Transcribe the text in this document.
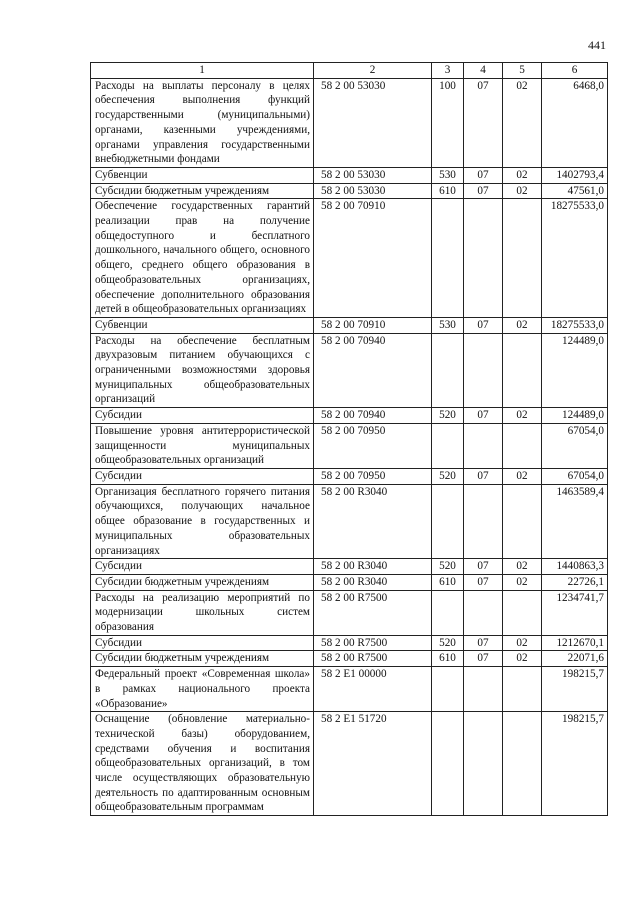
441
1	2	3	4	5	6
Расходы на выплаты персоналу в целях обеспечения выполнения функций государственными (муниципальными) органами, казенными учреждениями, органами управления государственными внебюджетными фондами	58 2 00 53030	100	07	02	6468,0
Субвенции	58 2 00 53030	530	07	02	1402793,4
Субсидии бюджетным учреждениям	58 2 00 53030	610	07	02	47561,0
Обеспечение государственных гарантий реализации прав на получение общедоступного и бесплатного дошкольного, начального общего, основного общего, среднего общего образования в общеобразовательных организациях, обеспечение дополнительного образования детей в общеобразовательных организациях	58 2 00 70910				18275533,0
Субвенции	58 2 00 70910	530	07	02	18275533,0
Расходы на обеспечение бесплатным двухразовым питанием обучающихся с ограниченными возможностями здоровья муниципальных общеобразовательных организаций	58 2 00 70940				124489,0
Субсидии	58 2 00 70940	520	07	02	124489,0
Повышение уровня антитеррористической защищенности муниципальных общеобразовательных организаций	58 2 00 70950				67054,0
Субсидии	58 2 00 70950	520	07	02	67054,0
Организация бесплатного горячего питания обучающихся, получающих начальное общее образование в государственных и муниципальных образовательных организациях	58 2 00 R3040				1463589,4
Субсидии	58 2 00 R3040	520	07	02	1440863,3
Субсидии бюджетным учреждениям	58 2 00 R3040	610	07	02	22726,1
Расходы на реализацию мероприятий по модернизации школьных систем образования	58 2 00 R7500				1234741,7
Субсидии	58 2 00 R7500	520	07	02	1212670,1
Субсидии бюджетным учреждениям	58 2 00 R7500	610	07	02	22071,6
Федеральный проект «Современная школа» в рамках национального проекта «Образование»	58 2 E1 00000				198215,7
Оснащение (обновление материально-технической базы) оборудованием, средствами обучения и воспитания общеобразовательных организаций, в том числе осуществляющих образовательную деятельность по адаптированным основным общеобразовательным программам	58 2 E1 51720				198215,7
